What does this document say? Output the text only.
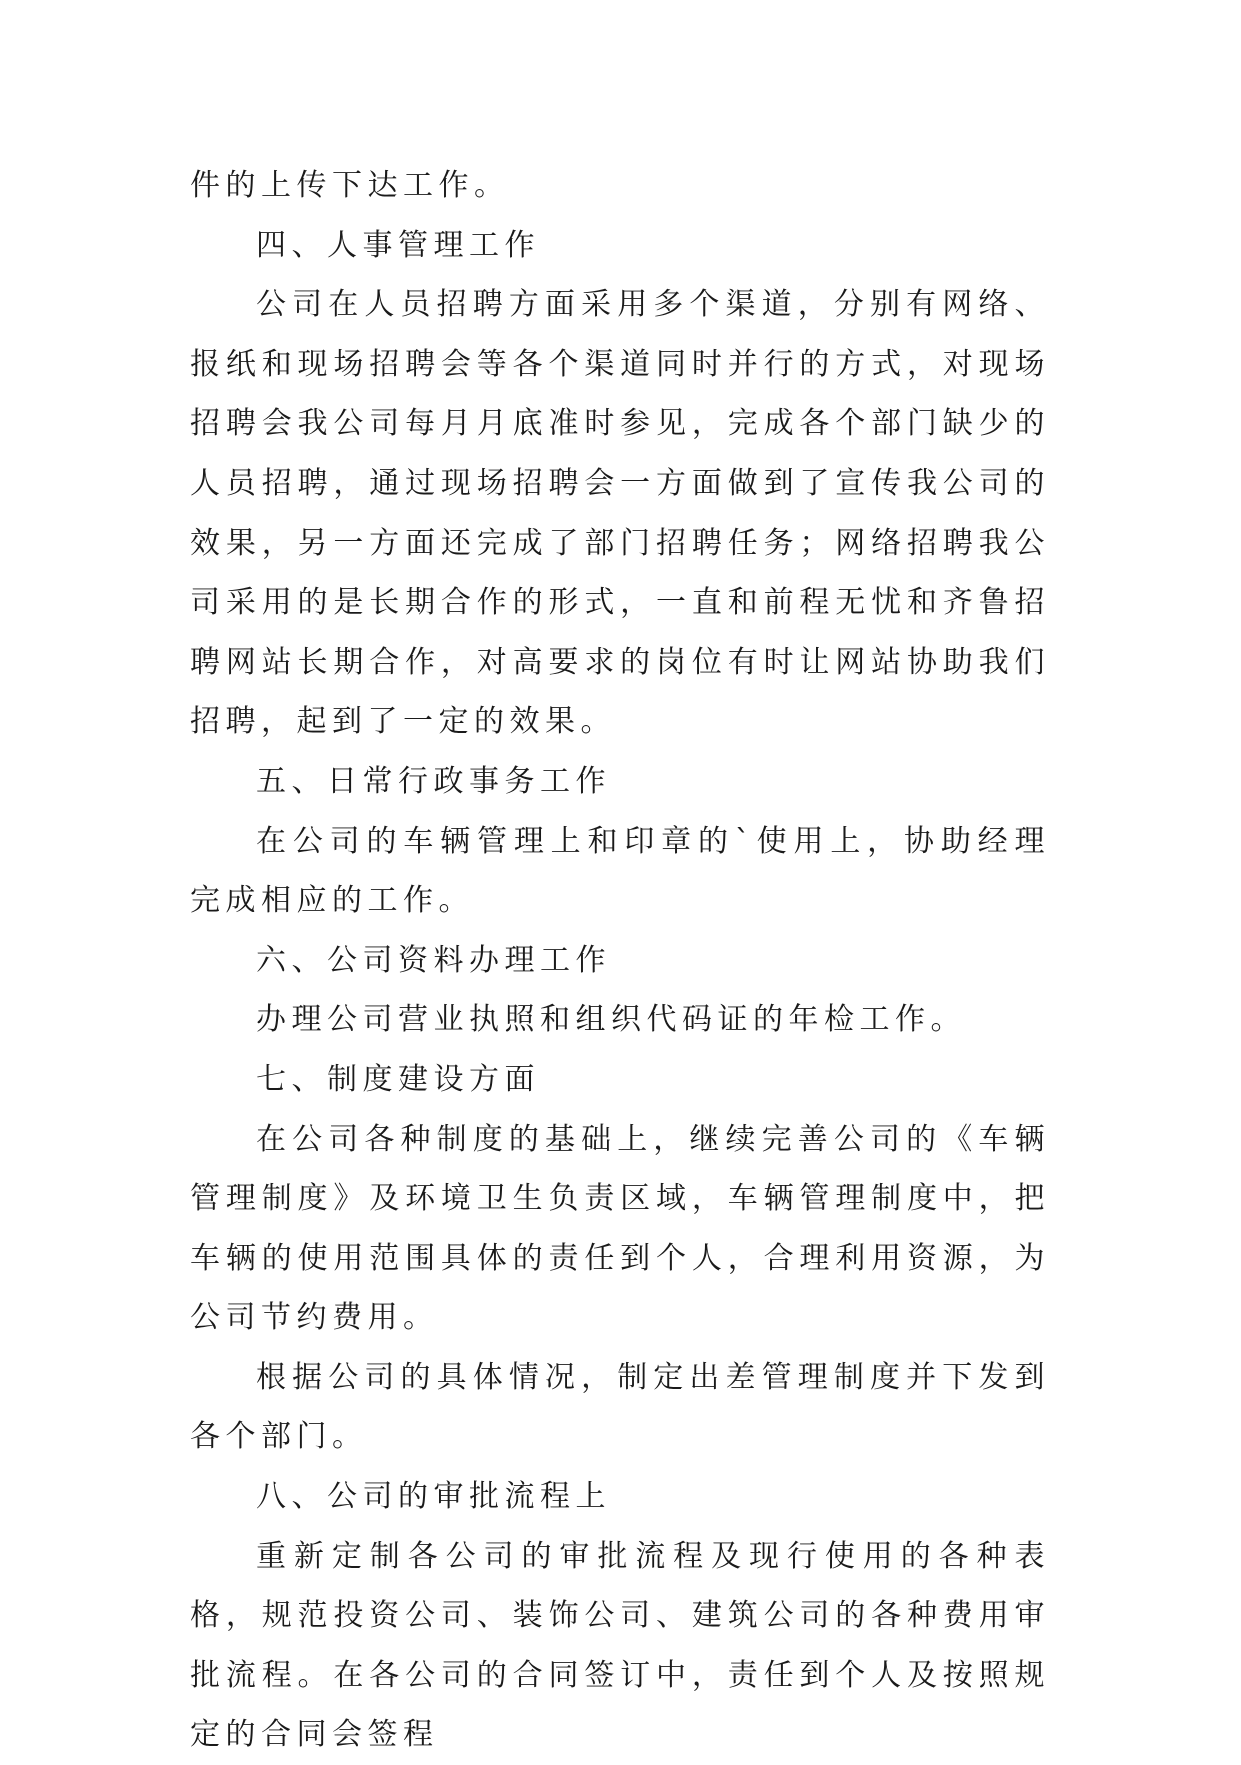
件的上传下达工作。

四、人事管理工作

公司在人员招聘方面采用多个渠道，分别有网络、报纸和现场招聘会等各个渠道同时并行的方式，对现场招聘会我公司每月月底准时参见，完成各个部门缺少的人员招聘，通过现场招聘会一方面做到了宣传我公司的效果，另一方面还完成了部门招聘任务；网络招聘我公司采用的是长期合作的形式，一直和前程无忧和齐鲁招聘网站长期合作，对高要求的岗位有时让网站协助我们招聘，起到了一定的效果。

五、日常行政事务工作

在公司的车辆管理上和印章的`使用上，协助经理完成相应的工作。

六、公司资料办理工作

办理公司营业执照和组织代码证的年检工作。

七、制度建设方面

在公司各种制度的基础上，继续完善公司的《车辆管理制度》及环境卫生负责区域，车辆管理制度中，把车辆的使用范围具体的责任到个人，合理利用资源，为公司节约费用。

根据公司的具体情况，制定出差管理制度并下发到各个部门。

八、公司的审批流程上

重新定制各公司的审批流程及现行使用的各种表格，规范投资公司、装饰公司、建筑公司的各种费用审批流程。在各公司的合同签订中，责任到个人及按照规定的合同会签程
